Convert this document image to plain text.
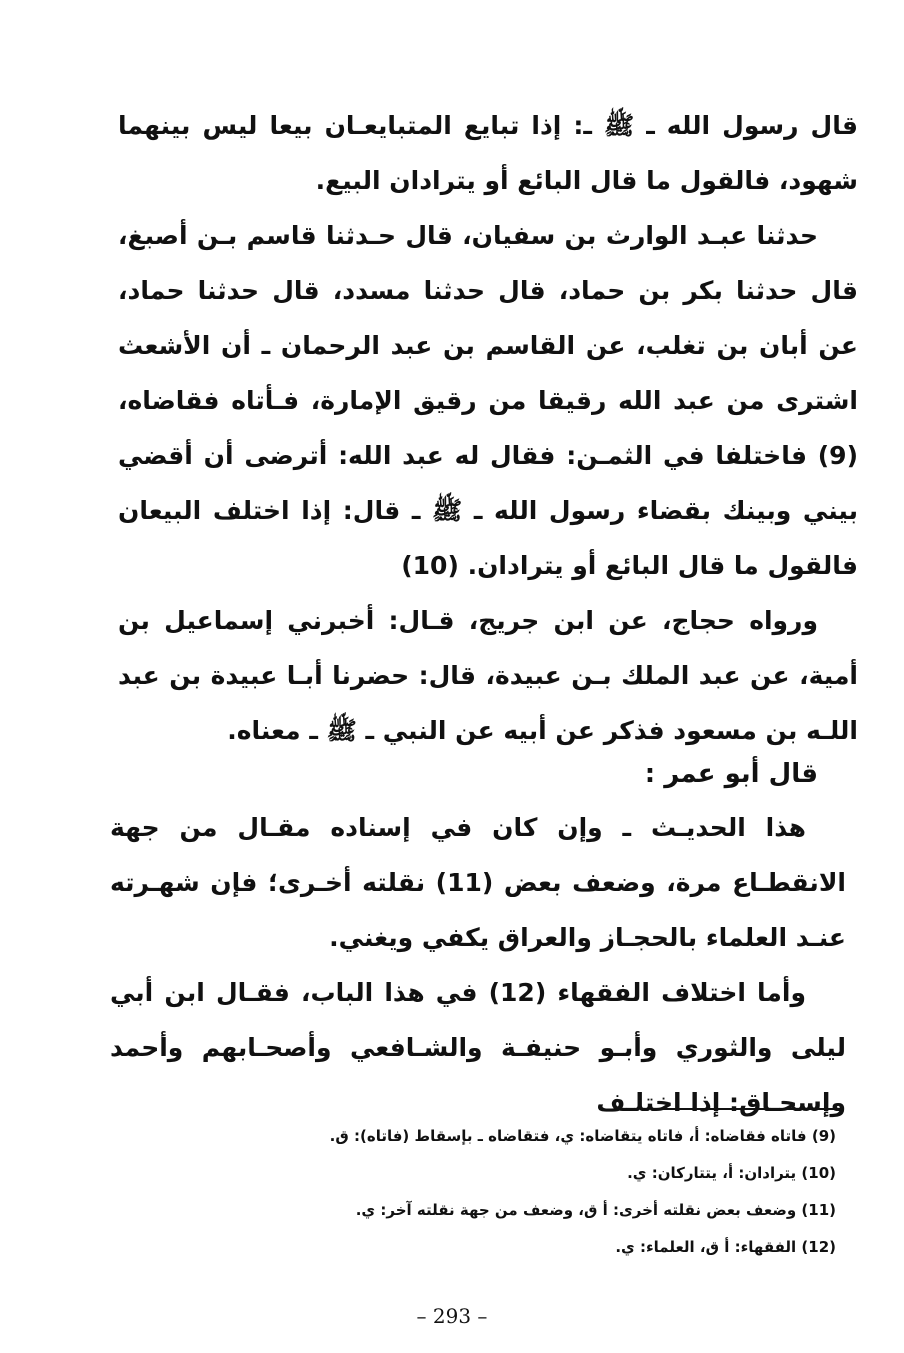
قال رسول الله ـ ﷺ ـ: إذا تبايع المتبايعـان بيعا ليس بينهما شهود، فالقول ما قال البائع أو يترادان البيع.

حدثنا عبـد الوارث بن سفيان، قال حـدثنا قاسم بـن أصبغ، قال حدثنا بكر بن حماد، قال حدثنا مسدد، قال حدثنا حماد، عن أبان بن تغلب، عن القاسم بن عبد الرحمان ـ أن الأشعث اشترى من عبد الله رقيقا من رقيق الإمارة، فـأتاه فقاضاه، (9) فاختلفا في الثمـن: فقال له عبد الله: أترضى أن أقضي بيني وبينك بقضاء رسول الله ـ ﷺ ـ قال: إذا اختلف البيعان فالقول ما قال البائع أو يترادان. (10)

ورواه حجاج، عن ابن جريج، قـال: أخبرني إسماعيل بن أمية، عن عبد الملك بـن عبيدة، قال: حضرنا أبـا عبيدة بن عبد اللـه بن مسعود فذكر عن أبيه عن النبي ـ ﷺ ـ معناه.

قال أبو عمر :

هذا الحديـث ـ وإن كان في إسناده مقـال من جهة الانقطـاع مرة، وضعف بعض (11) نقلته أخـرى؛ فإن شهـرته عنـد العلماء بالحجـاز والعراق يكفي ويغني.

وأما اختلاف الفقهاء (12) في هذا الباب، فقـال ابن أبي ليلى والثوري وأبـو حنيفـة والشـافعي وأصحـابهم وأحمد وإسحـاق: إذا اختلـف

(9) فاتاه فقاضاه: أ، فاتاه يتقاضاه: ي، فتقاضاه ـ بإسقاط (فاتاه): ق.
(10) يترادان: أ، يتتاركان: ي.
(11) وضعف بعض نقلته أخرى: أ ق، وضعف من جهة نقلته آخر: ي.
(12) الفقهاء: أ ق، العلماء: ي.
– 293 –
